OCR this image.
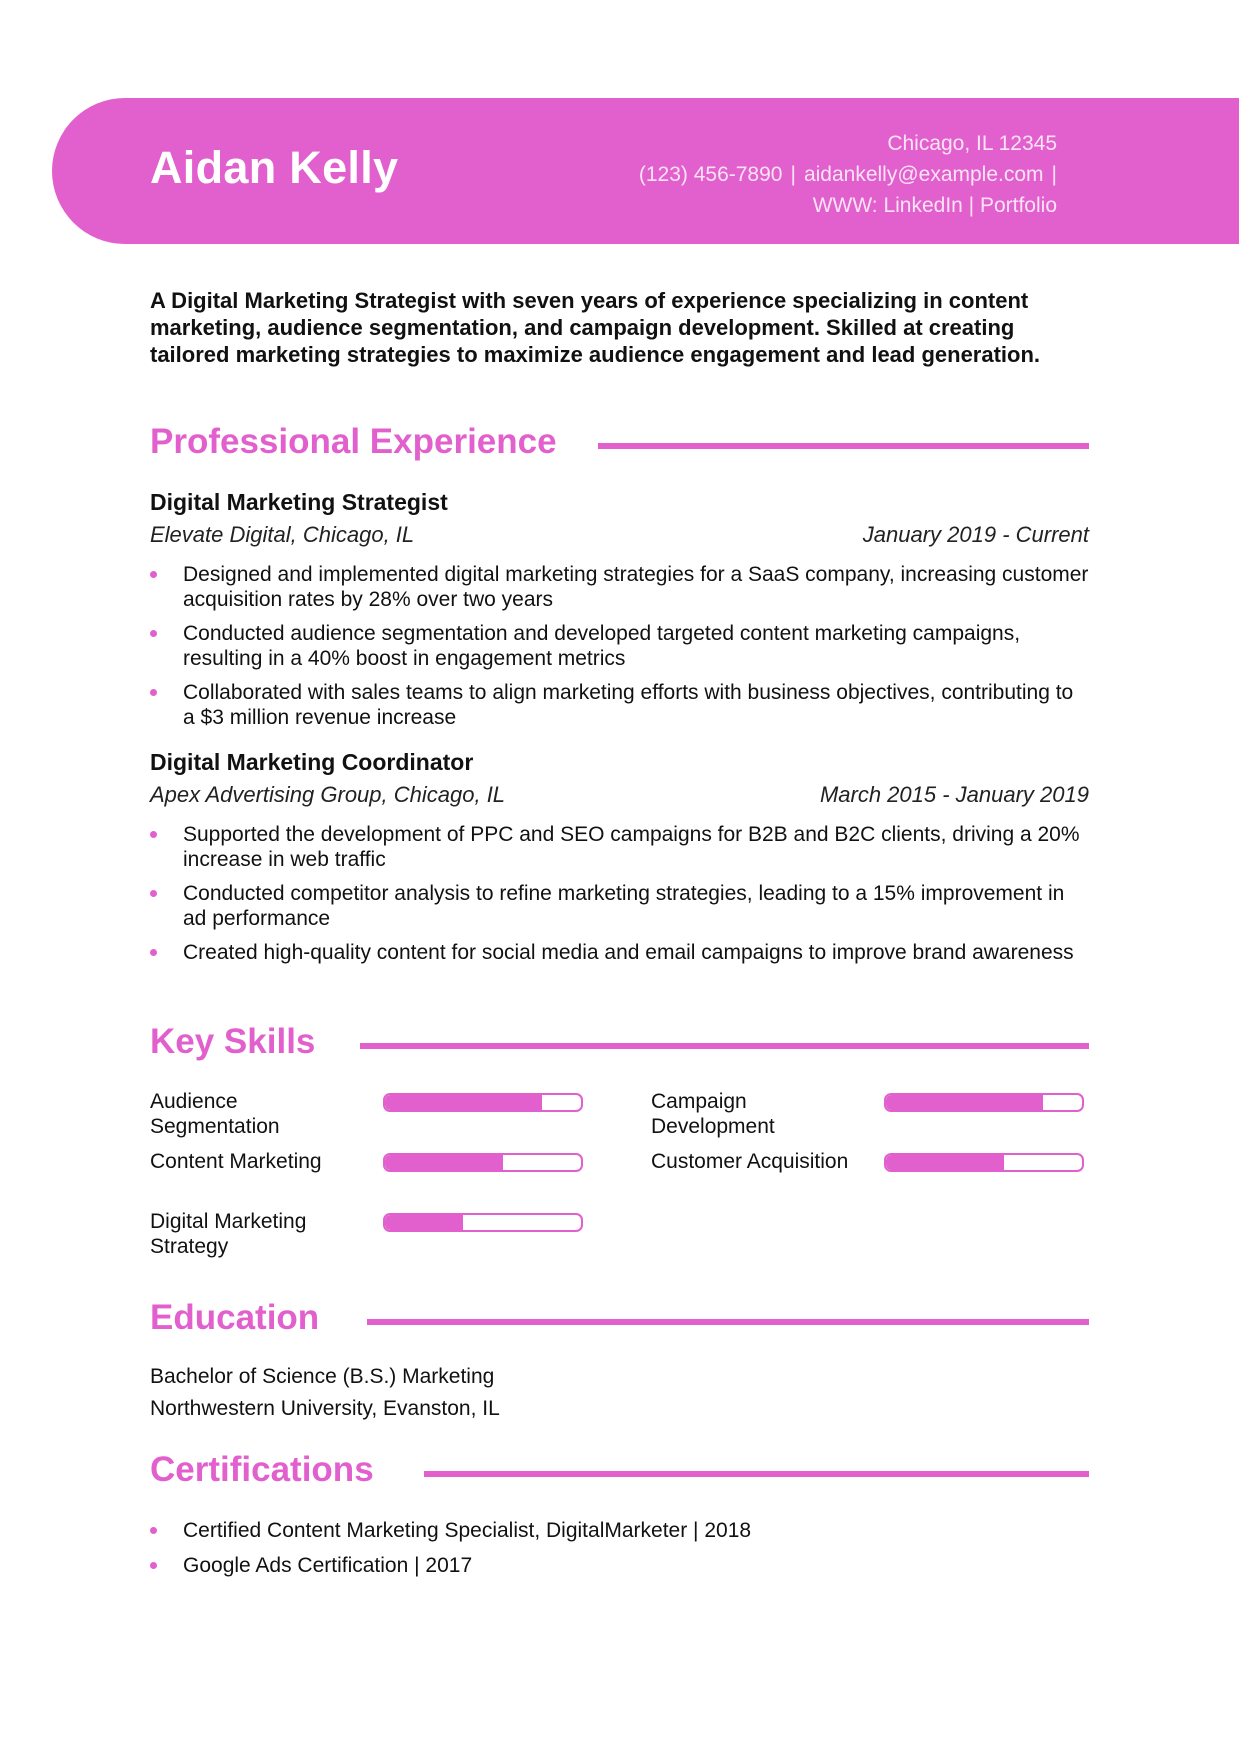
Aidan Kelly	Chicago, IL 12345
(123) 456-7890 | aidankelly@example.com |
WWW: LinkedIn | Portfolio
A Digital Marketing Strategist with seven years of experience specializing in content marketing, audience segmentation, and campaign development. Skilled at creating tailored marketing strategies to maximize audience engagement and lead generation.
Professional Experience
Digital Marketing Strategist
Elevate Digital, Chicago, IL	January 2019 - Current
Designed and implemented digital marketing strategies for a SaaS company, increasing customer acquisition rates by 28% over two years
Conducted audience segmentation and developed targeted content marketing campaigns, resulting in a 40% boost in engagement metrics
Collaborated with sales teams to align marketing efforts with business objectives, contributing to a $3 million revenue increase
Digital Marketing Coordinator
Apex Advertising Group, Chicago, IL	March 2015 - January 2019
Supported the development of PPC and SEO campaigns for B2B and B2C clients, driving a 20% increase in web traffic
Conducted competitor analysis to refine marketing strategies, leading to a 15% improvement in ad performance
Created high-quality content for social media and email campaigns to improve brand awareness
Key Skills
Audience Segmentation
Campaign Development
Content Marketing	Customer Acquisition
Digital Marketing Strategy
Education
Bachelor of Science (B.S.) Marketing
Northwestern University, Evanston, IL
Certifications
Certified Content Marketing Specialist, DigitalMarketer | 2018
Google Ads Certification | 2017
